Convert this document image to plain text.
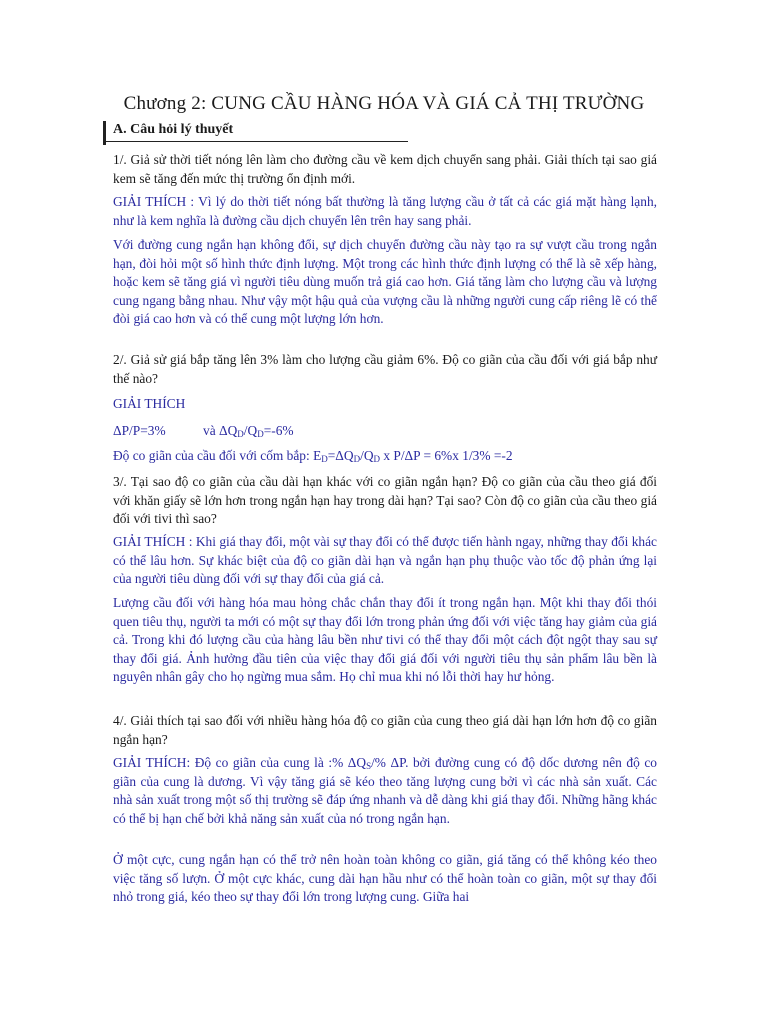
Chương 2: CUNG CẦU HÀNG HÓA VÀ GIÁ CẢ THỊ TRƯỜNG
A. Câu hỏi lý thuyết

1/. Giả sử thời tiết nóng lên làm cho đường cầu về kem dịch chuyển sang phải. Giải thích tại sao giá kem sẽ tăng đến mức thị trường ổn định mới.

GIẢI THÍCH : Vì lý do thời tiết nóng bất thường là tăng lượng cầu ở tất cả các giá mặt hàng lạnh, như là kem nghĩa là đường cầu dịch chuyển lên trên hay sang phải.

Với đường cung ngắn hạn không đổi, sự dịch chuyển đường cầu này tạo ra sự vượt cầu trong ngắn hạn, đòi hỏi một số hình thức định lượng. Một trong các hình thức định lượng có thể là sẽ xếp hàng, hoặc kem sẽ tăng giá vì người tiêu dùng muốn trả giá cao hơn. Giá tăng làm cho lượng cầu và lượng cung ngang bằng nhau. Như vậy một hậu quả của vượng cầu là những người cung cấp riêng lẽ có thể đòi giá cao hơn và có thể cung một lượng lớn hơn.

2/. Giả sử giá bắp tăng lên 3% làm cho lượng cầu giảm 6%. Độ co giãn của cầu đối với giá bắp như thế nào?

GIẢI THÍCH

ΔP/P=3%	và $\Delta Q_D/Q_D=-6\%$
Độ co giãn của cầu đối với cốm bắp: $E_D=\Delta Q_D/Q_D$ x P/ΔP = 6%x 1/3% =-2

3/. Tại sao độ co giãn của cầu dài hạn khác với co giãn ngắn hạn? Độ co giãn của cầu theo giá đối với khăn giấy sẽ lớn hơn trong ngắn hạn hay trong dài hạn? Tại sao? Còn độ co giãn của cầu theo giá đối với tivi thì sao?

GIẢI THÍCH : Khi giá thay đổi, một vài sự thay đổi có thể được tiến hành ngay, những thay đổi khác có thể lâu hơn. Sự khác biệt của độ co giãn dài hạn và ngắn hạn phụ thuộc vào tốc độ phản ứng lại của người tiêu dùng đối với sự thay đổi của giá cả.

Lượng cầu đối với hàng hóa mau hỏng chắc chắn thay đổi ít trong ngắn hạn. Một khi thay đổi thói quen tiêu thụ, người ta mới có một sự thay đổi lớn trong phản ứng đối với việc tăng hay giảm của giá cả. Trong khi đó lượng cầu của hàng lâu bền như tivi có thể thay đổi một cách đột ngột thay sau sự thay đổi giá. Ảnh hưởng đầu tiên của việc thay đổi giá đối với người tiêu thụ sản phẩm lâu bền là nguyên nhân gây cho họ ngừng mua sắm. Họ chỉ mua khi nó lỗi thời hay hư hỏng.

4/. Giải thích tại sao đối với nhiều hàng hóa độ co giãn của cung theo giá dài hạn lớn hơn độ co giãn ngắn hạn?

GIẢI THÍCH: Độ co giãn của cung là :% $\Delta Q_S/\%$ ΔP. bởi đường cung có độ dốc dương nên độ co giãn của cung là dương. Vì vậy tăng giá sẽ kéo theo tăng lượng cung bởi vì các nhà sản xuất. Các nhà sản xuất trong một số thị trường sẽ đáp ứng nhanh và dễ dàng khi giá thay đổi. Những hãng khác có thể bị hạn chế bởi khả năng sản xuất của nó trong ngắn hạn.

Ở một cực, cung ngắn hạn có thể trở nên hoàn toàn không co giãn, giá tăng có thể không kéo theo việc tăng số lượn. Ở một cực khác, cung dài hạn hầu như có thể hoàn toàn co giãn, một sự thay đổi nhỏ trong giá, kéo theo sự thay đổi lớn trong lượng cung. Giữa hai
